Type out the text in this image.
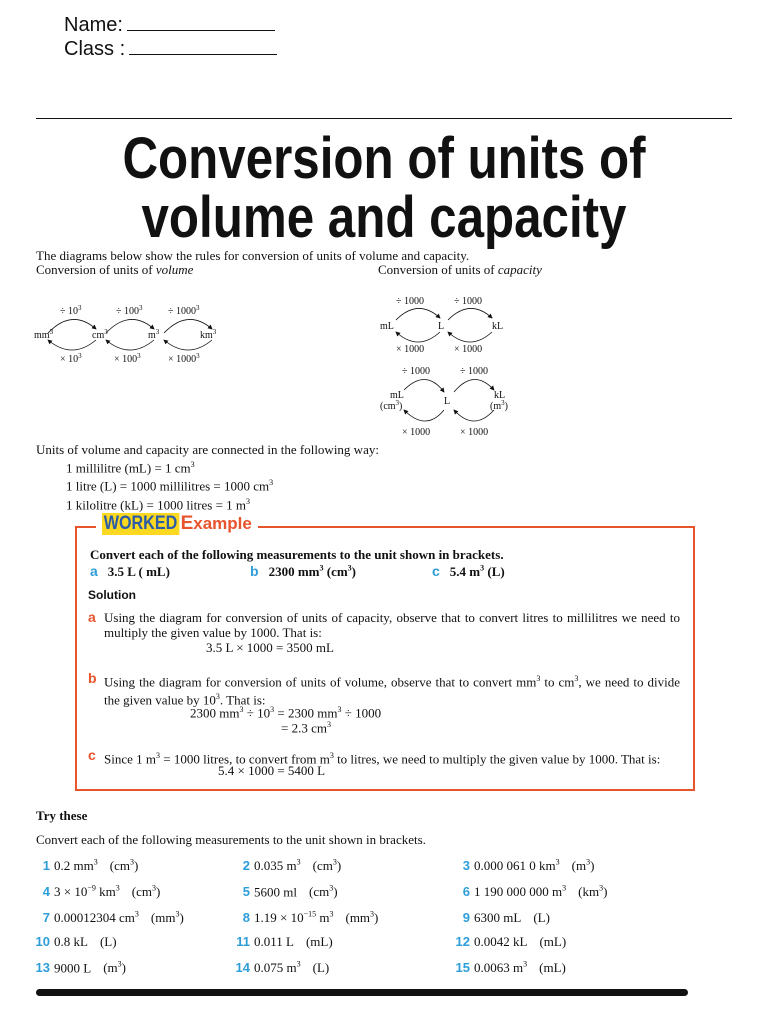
Name:
Class :
Conversion of units of
volume and capacity
The diagrams below show the rules for conversion of units of volume and capacity.
Conversion of units of volume	Conversion of units of capacity
÷ $10^3$	÷ $100^3$	÷ $1000^3$
$mm^3$	$cm^3$	$m^3$	$km^3$
× $10^3$	× $100^3$	× $1000^3$
÷ 1000	÷ 1000
mL	L	kL
× 1000	× 1000
÷ 1000	÷ 1000
mL
$(cm^3)$	L
kL
$(m^3)$
× 1000	× 1000
Units of volume and capacity are connected in the following way:
1 millilitre (mL) = 1 $cm^3$
1 litre (L) = 1000 millilitres = 1000 $cm^3$
1 kilolitre (kL) = 1000 litres = 1 $m^3$
WORKED Example
Convert each of the following measurements to the unit shown in brackets.
a 3.5 L ( mL)	b 2300 $mm^3$ $(cm^3)$	c 5.4 $m^3$ (L)
Solution
a Using the diagram for conversion of units of capacity, observe that to convert litres to millilitres we need to multiply the given value by 1000. That is:
3.5 L × 1000 = 3500 mL
b Using the diagram for conversion of units of volume, observe that to convert $mm^3$ to $cm^3$, we need to divide the given value by $10^3$. That is:
2300 $mm^3 \div 10^3 = 2300$ $mm^3 \div 1000$
= 2.3 $cm^3$
c Since 1 $m^3 = 1000$ litres, to convert from $m^3$ to litres, we need to multiply the given value by 1000. That is:
5.4 × 1000 = 5400 L
Try these
Convert each of the following measurements to the unit shown in brackets.
1 0.2 $mm^3$ $(cm^3)$	2 0.035 $m^3$ $(cm^3)$	3 0.000 061 0 $km^3$ $(m^3)$
4 $3 \times 10^{-9}$ $km^3$ $(cm^3)$	5 5600 ml $(cm^3)$	6 1 190 000 000 $m^3$ $(km^3)$
7 0.00012304 $cm^3$ $(mm^3)$	8 $1.19 \times 10^{-15}$ $m^3$ $(mm^3)$	9 6300 mL (L)
10 0.8 kL (L)	11 0.011 L (mL)	12 0.0042 kL (mL)
13 9000 L $(m^3)$	14 0.075 $m^3$ (L)	15 0.0063 $m^3$ (mL)
